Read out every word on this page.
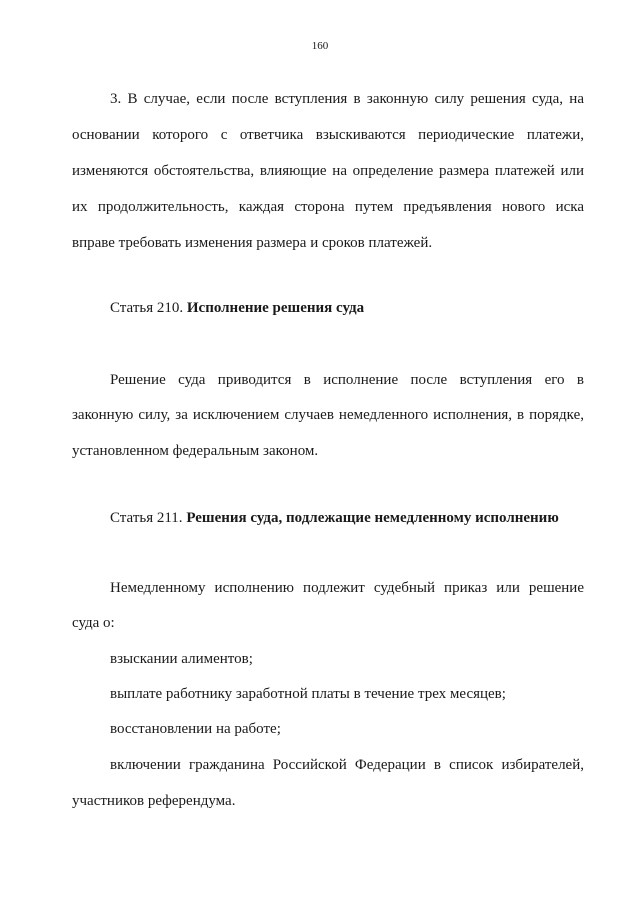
160
3. В случае, если после вступления в законную силу решения суда, на
основании которого с ответчика взыскиваются периодические платежи,
изменяются обстоятельства, влияющие на определение размера платежей или
их продолжительность, каждая сторона путем предъявления нового иска
вправе требовать изменения размера и сроков платежей.
Статья 210. Исполнение решения суда
Решение суда приводится в исполнение после вступления его в
законную силу, за исключением случаев немедленного исполнения, в порядке,
установленном федеральным законом.
Статья 211. Решения суда, подлежащие немедленному исполнению
Немедленному исполнению подлежит судебный приказ или решение
суда о:
взыскании алиментов;
выплате работнику заработной платы в течение трех месяцев;
восстановлении на работе;
включении гражданина Российской Федерации в список избирателей,
участников референдума.
